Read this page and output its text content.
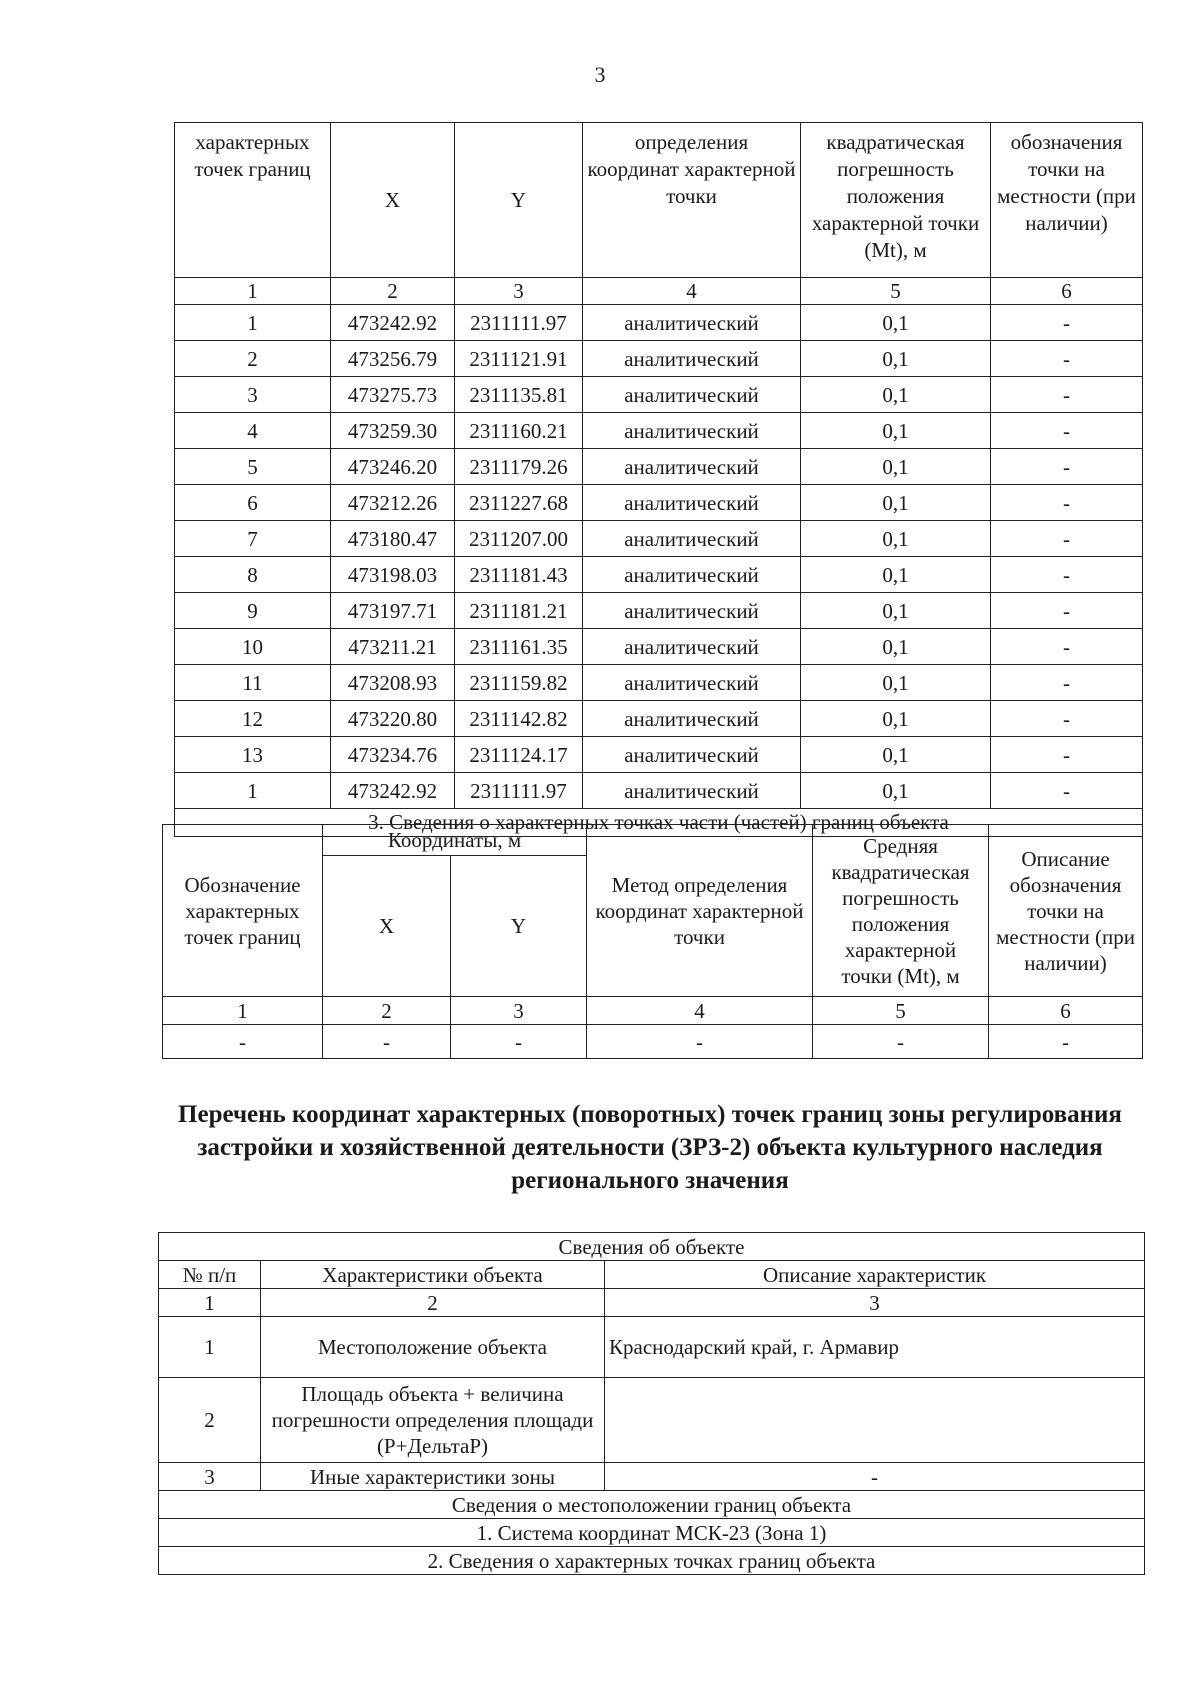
3
характерных точек границ	X	Y	определения координат характерной точки	квадратическая погрешность положения характерной точки (Mt), м	обозначения точки на местности (при наличии)
1	2	3	4	5	6
1	473242.92	2311111.97	аналитический	0,1	-
2	473256.79	2311121.91	аналитический	0,1	-
3	473275.73	2311135.81	аналитический	0,1	-
4	473259.30	2311160.21	аналитический	0,1	-
5	473246.20	2311179.26	аналитический	0,1	-
6	473212.26	2311227.68	аналитический	0,1	-
7	473180.47	2311207.00	аналитический	0,1	-
8	473198.03	2311181.43	аналитический	0,1	-
9	473197.71	2311181.21	аналитический	0,1	-
10	473211.21	2311161.35	аналитический	0,1	-
11	473208.93	2311159.82	аналитический	0,1	-
12	473220.80	2311142.82	аналитический	0,1	-
13	473234.76	2311124.17	аналитический	0,1	-
1	473242.92	2311111.97	аналитический	0,1	-
3. Сведения о характерных точках части (частей) границ объекта					
Обозначение характерных точек границ	Координаты, м		Метод определения координат характерной точки	Средняя квадратическая погрешность положения характерной точки (Mt), м	Описание обозначения точки на местности (при наличии)
	X	Y			
1	2	3	4	5	6
-	-	-	-	-	-
Перечень координат характерных (поворотных) точек границ зоны регулирования застройки и хозяйственной деятельности (ЗРЗ-2) объекта культурного наследия регионального значения
Сведения об объекте		
№ п/п	Характеристики объекта	Описание характеристик
1	2	3
1	Местоположение объекта	Краснодарский край, г. Армавир
2	Площадь объекта + величина погрешности определения площади (P+ДельтаP)	
3	Иные характеристики зоны	-
Сведения о местоположении границ объекта		
1. Система координат МСК-23 (Зона 1)		
2. Сведения о характерных точках границ объекта		
